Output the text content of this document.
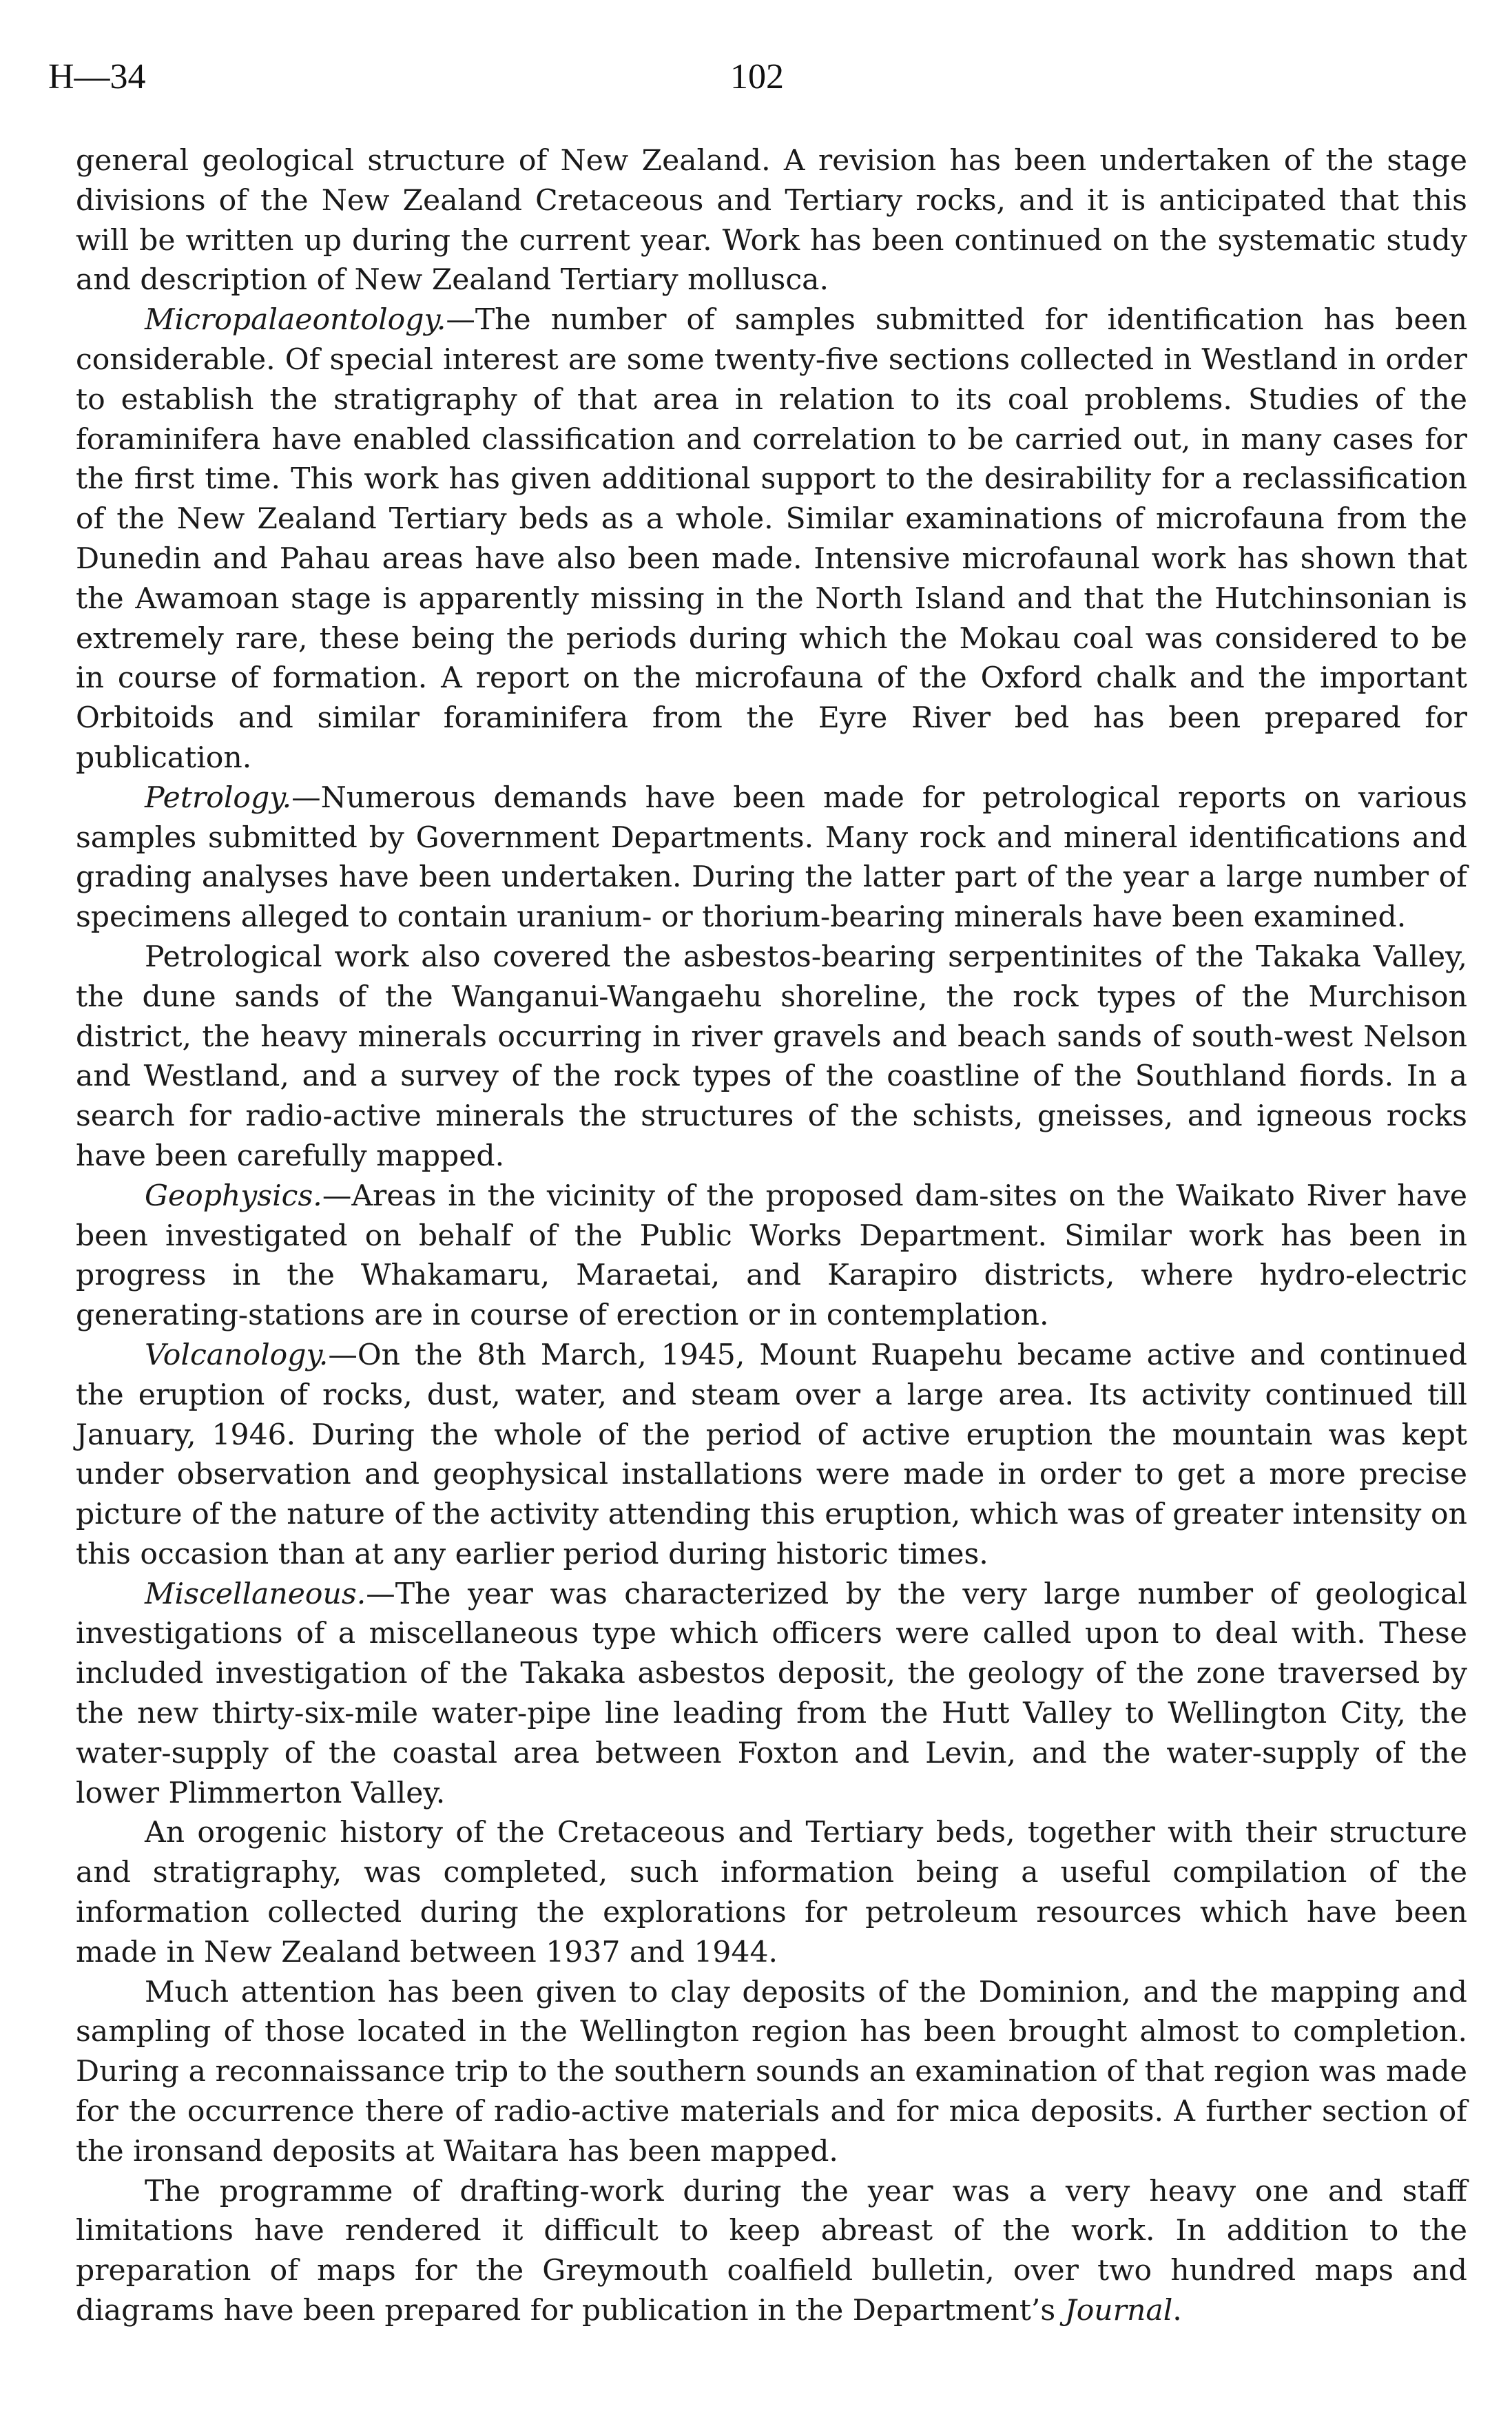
H—34	102

general geological structure of New Zealand. A revision has been undertaken of the stage divisions of the New Zealand Cretaceous and Tertiary rocks, and it is anticipated that this will be written up during the current year. Work has been continued on the systematic study and description of New Zealand Tertiary mollusca.

Micropalaeontology.—The number of samples submitted for identification has been considerable. Of special interest are some twenty-five sections collected in Westland in order to establish the stratigraphy of that area in relation to its coal problems. Studies of the foraminifera have enabled classification and correlation to be carried out, in many cases for the first time. This work has given additional support to the desirability for a reclassification of the New Zealand Tertiary beds as a whole. Similar examinations of microfauna from the Dunedin and Pahau areas have also been made. Intensive microfaunal work has shown that the Awamoan stage is apparently missing in the North Island and that the Hutchinsonian is extremely rare, these being the periods during which the Mokau coal was considered to be in course of formation. A report on the microfauna of the Oxford chalk and the important Orbitoids and similar foraminifera from the Eyre River bed has been prepared for publication.

Petrology.—Numerous demands have been made for petrological reports on various samples submitted by Government Departments. Many rock and mineral identifications and grading analyses have been undertaken. During the latter part of the year a large number of specimens alleged to contain uranium- or thorium-bearing minerals have been examined.

Petrological work also covered the asbestos-bearing serpentinites of the Takaka Valley, the dune sands of the Wanganui-Wangaehu shoreline, the rock types of the Murchison district, the heavy minerals occurring in river gravels and beach sands of south-west Nelson and Westland, and a survey of the rock types of the coastline of the Southland fiords. In a search for radio-active minerals the structures of the schists, gneisses, and igneous rocks have been carefully mapped.

Geophysics.—Areas in the vicinity of the proposed dam-sites on the Waikato River have been investigated on behalf of the Public Works Department. Similar work has been in progress in the Whakamaru, Maraetai, and Karapiro districts, where hydro-electric generating-stations are in course of erection or in contemplation.

Volcanology.—On the 8th March, 1945, Mount Ruapehu became active and continued the eruption of rocks, dust, water, and steam over a large area. Its activity continued till January, 1946. During the whole of the period of active eruption the mountain was kept under observation and geophysical installations were made in order to get a more precise picture of the nature of the activity attending this eruption, which was of greater intensity on this occasion than at any earlier period during historic times.

Miscellaneous.—The year was characterized by the very large number of geological investigations of a miscellaneous type which officers were called upon to deal with. These included investigation of the Takaka asbestos deposit, the geology of the zone traversed by the new thirty-six-mile water-pipe line leading from the Hutt Valley to Wellington City, the water-supply of the coastal area between Foxton and Levin, and the water-supply of the lower Plimmerton Valley.

An orogenic history of the Cretaceous and Tertiary beds, together with their structure and stratigraphy, was completed, such information being a useful compilation of the information collected during the explorations for petroleum resources which have been made in New Zealand between 1937 and 1944.

Much attention has been given to clay deposits of the Dominion, and the mapping and sampling of those located in the Wellington region has been brought almost to completion. During a reconnaissance trip to the southern sounds an examination of that region was made for the occurrence there of radio-active materials and for mica deposits. A further section of the ironsand deposits at Waitara has been mapped.

The programme of drafting-work during the year was a very heavy one and staff limitations have rendered it difficult to keep abreast of the work. In addition to the preparation of maps for the Greymouth coalfield bulletin, over two hundred maps and diagrams have been prepared for publication in the Department’s Journal.
